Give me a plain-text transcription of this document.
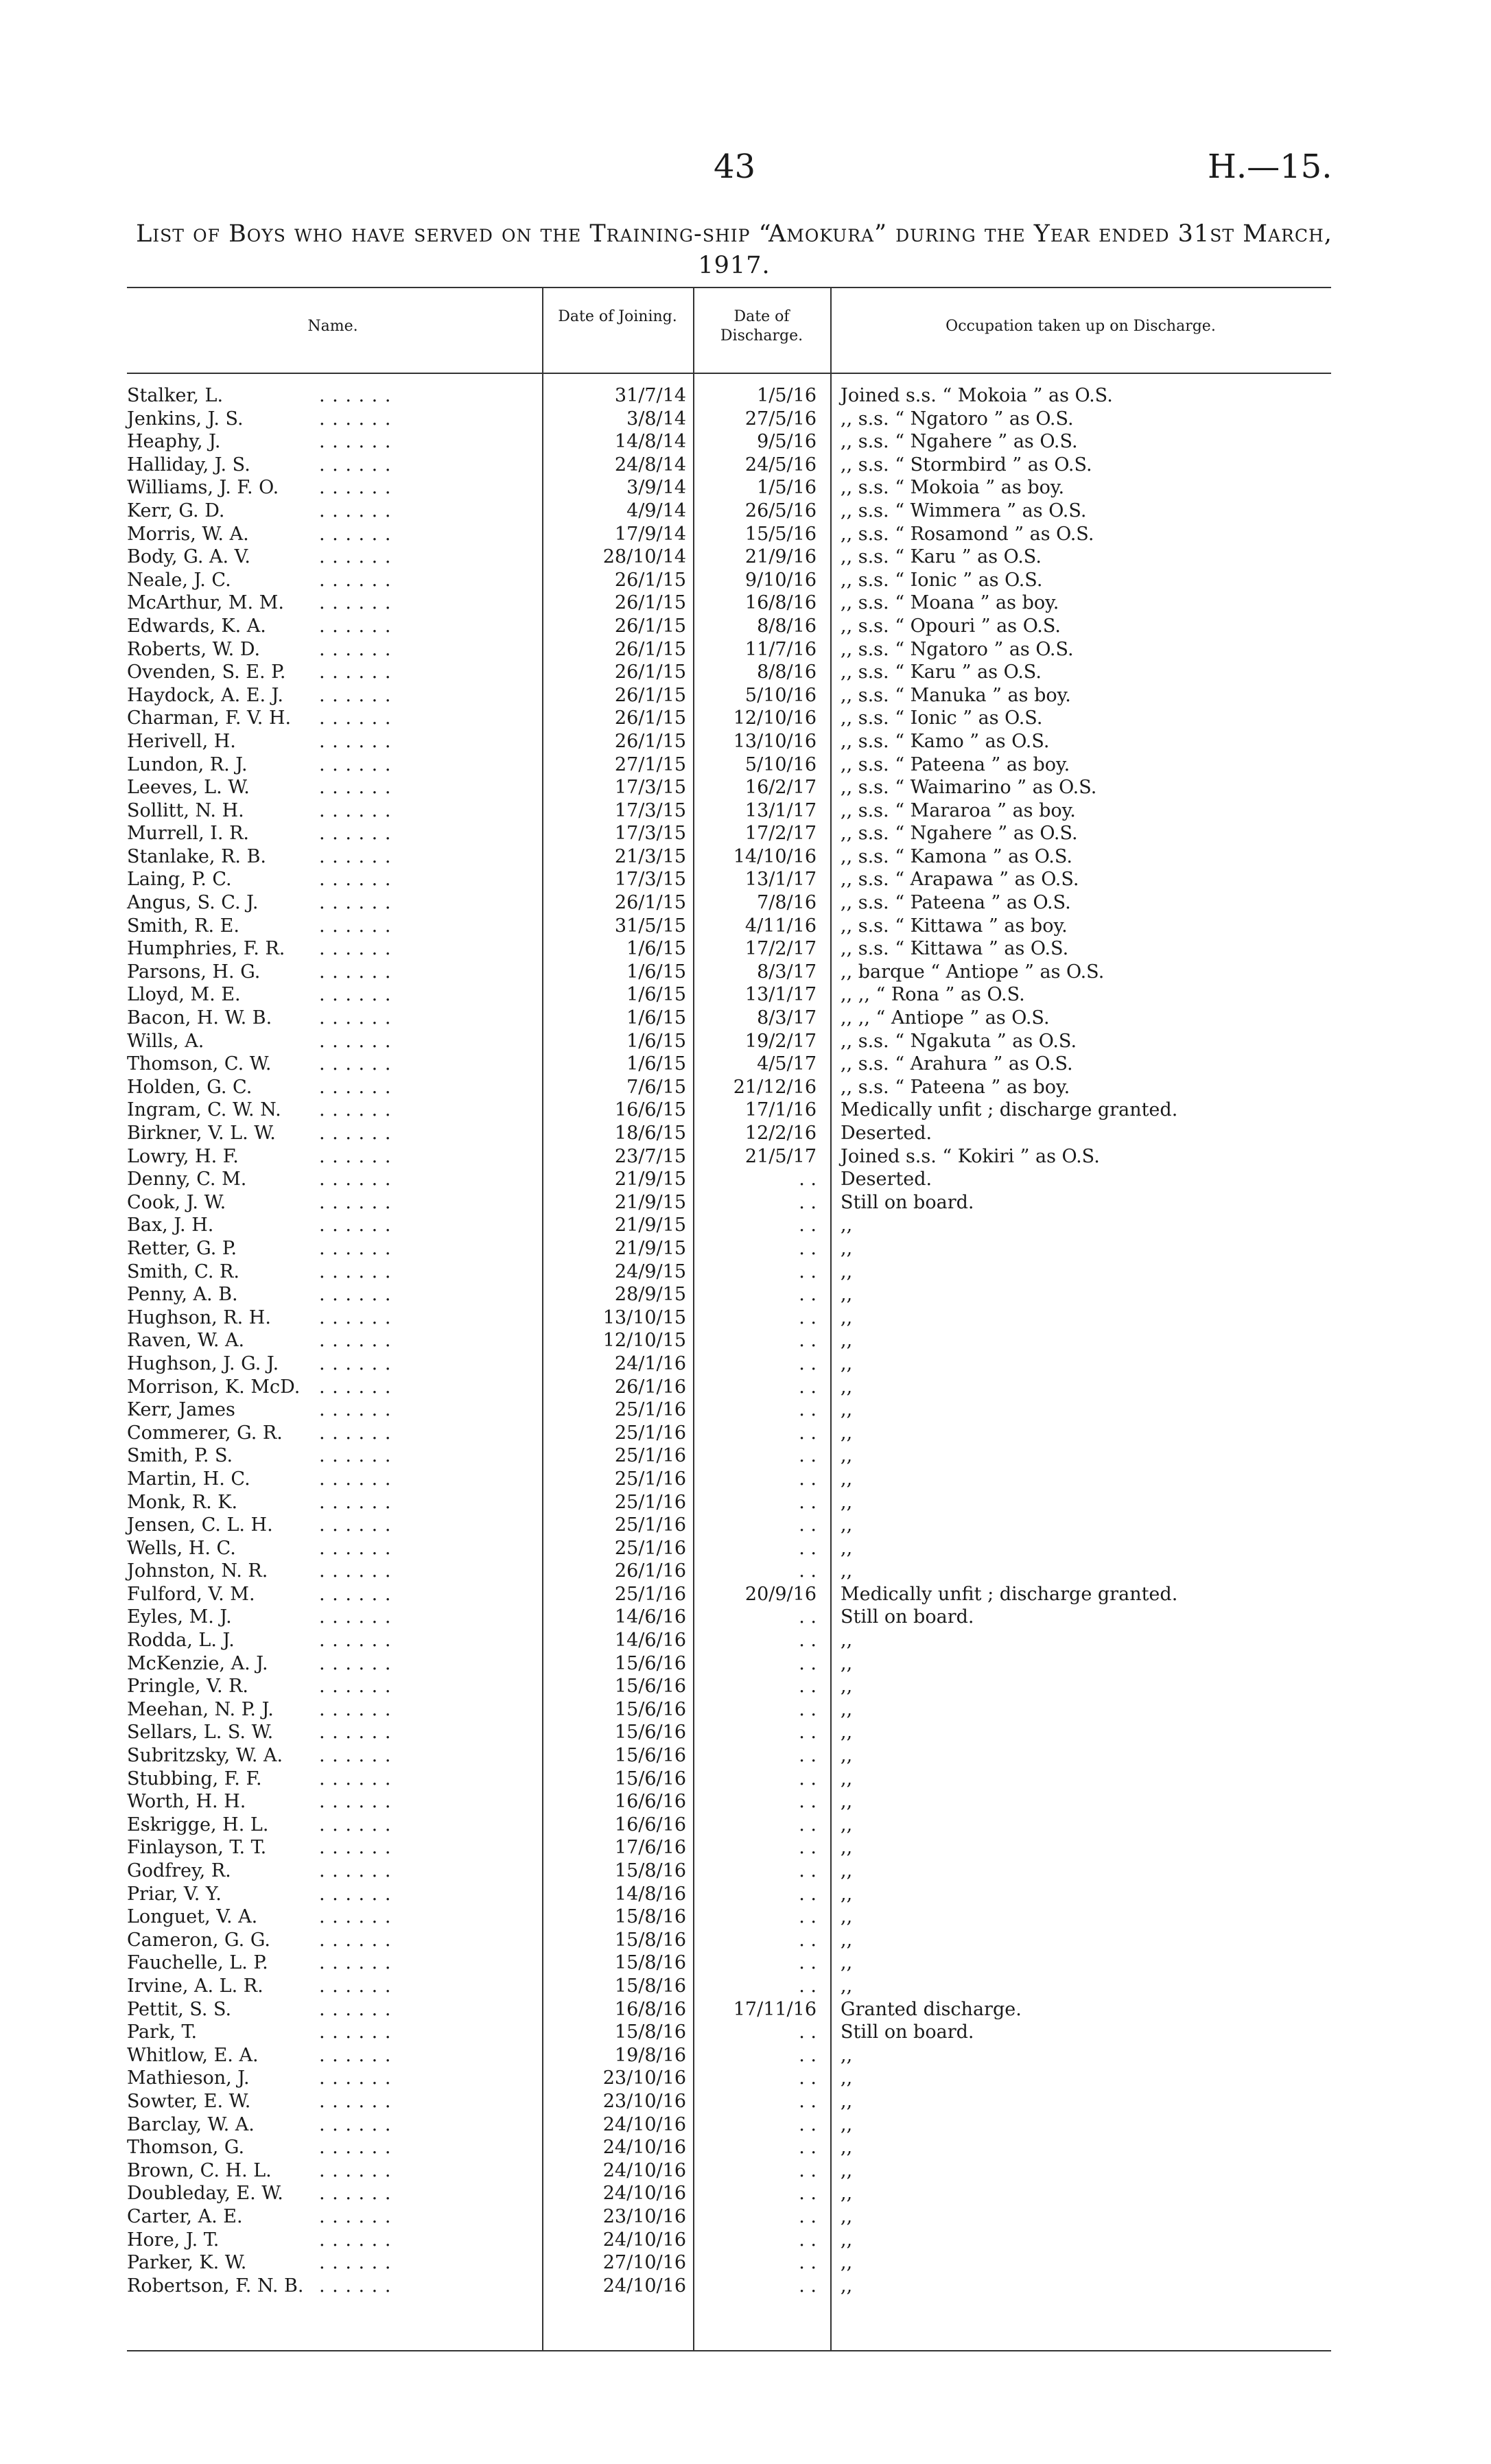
43	H.—15.
List of Boys who have served on the Training-ship “Amokura” during the Year ended 31st March, 1917.
Name.
Date of Joining.	Date of Discharge.
Occupation taken up on Discharge.
Stalker, L.	. . . . . .	31/7/14	1/5/16 Joined s.s. “ Mokoia ” as O.S.
Jenkins, J. S.	. . . . . .	3/8/14	27/5/16 ,, s.s. “ Ngatoro ” as O.S.
Heaphy, J.	. . . . . .	14/8/14	9/5/16 ,, s.s. “ Ngahere ” as O.S.
Halliday, J. S.	. . . . . .	24/8/14	24/5/16 ,, s.s. “ Stormbird ” as O.S.
Williams, J. F. O. . . . . . .	3/9/14	1/5/16 ,, s.s. “ Mokoia ” as boy.
Kerr, G. D.	. . . . . .	4/9/14	26/5/16 ,, s.s. “ Wimmera ” as O.S.
Morris, W. A.	. . . . . .	17/9/14	15/5/16 ,, s.s. “ Rosamond ” as O.S.
Body, G. A. V.	. . . . . .	28/10/14	21/9/16 ,, s.s. “ Karu ” as O.S.
Neale, J. C.	. . . . . .	26/1/15	9/10/16 ,, s.s. “ Ionic ” as O.S.
McArthur, M. M. . . . . . .	26/1/15	16/8/16 ,, s.s. “ Moana ” as boy.
Edwards, K. A.	. . . . . .	26/1/15	8/8/16 ,, s.s. “ Opouri ” as O.S.
Roberts, W. D.	. . . . . .	26/1/15	11/7/16 ,, s.s. “ Ngatoro ” as O.S.
Ovenden, S. E. P. . . . . . .	26/1/15	8/8/16 ,, s.s. “ Karu ” as O.S.
Haydock, A. E. J. . . . . . .	26/1/15	5/10/16 ,, s.s. “ Manuka ” as boy.
Charman, F. V. H. . . . . . .	26/1/15	12/10/16 ,, s.s. “ Ionic ” as O.S.
Herivell, H.	. . . . . .	26/1/15	13/10/16 ,, s.s. “ Kamo ” as O.S.
Lundon, R. J.	. . . . . .	27/1/15	5/10/16 ,, s.s. “ Pateena ” as boy.
Leeves, L. W.	. . . . . .	17/3/15	16/2/17 ,, s.s. “ Waimarino ” as O.S.
Sollitt, N. H.	. . . . . .	17/3/15	13/1/17 ,, s.s. “ Mararoa ” as boy.
Murrell, I. R.	. . . . . .	17/3/15	17/2/17 ,, s.s. “ Ngahere ” as O.S.
Stanlake, R. B.	. . . . . .	21/3/15	14/10/16 ,, s.s. “ Kamona ” as O.S.
Laing, P. C.	. . . . . .	17/3/15	13/1/17 ,, s.s. “ Arapawa ” as O.S.
Angus, S. C. J.	. . . . . .	26/1/15	7/8/16 ,, s.s. “ Pateena ” as O.S.
Smith, R. E.	. . . . . .	31/5/15	4/11/16 ,, s.s. “ Kittawa ” as boy.
Humphries, F. R. . . . . . .	1/6/15	17/2/17 ,, s.s. “ Kittawa ” as O.S.
Parsons, H. G.	. . . . . .	1/6/15	8/3/17 ,, barque “ Antiope ” as O.S.
Lloyd, M. E.	. . . . . .	1/6/15	13/1/17 ,, ,, “ Rona ” as O.S.
Bacon, H. W. B.	. . . . . .	1/6/15	8/3/17 ,, ,, “ Antiope ” as O.S.
Wills, A.	. . . . . .	1/6/15	19/2/17 ,, s.s. “ Ngakuta ” as O.S.
Thomson, C. W.	. . . . . .	1/6/15	4/5/17 ,, s.s. “ Arahura ” as O.S.
Holden, G. C.	. . . . . .	7/6/15	21/12/16 ,, s.s. “ Pateena ” as boy.
Ingram, C. W. N. . . . . . .	16/6/15	17/1/16 Medically unfit ; discharge granted.
Birkner, V. L. W. . . . . . .	18/6/15	12/2/16 Deserted.
Lowry, H. F.	. . . . . .	23/7/15	21/5/17 Joined s.s. “ Kokiri ” as O.S.
Denny, C. M.	. . . . . .	21/9/15	. . Deserted.
Cook, J. W.	. . . . . .	21/9/15	. . Still on board.
Bax, J. H.	. . . . . .	21/9/15	. . ,,
Retter, G. P.	. . . . . .	21/9/15	. . ,,
Smith, C. R.	. . . . . .	24/9/15	. . ,,
Penny, A. B.	. . . . . .	28/9/15	. . ,,
Hughson, R. H.	. . . . . .	13/10/15	. . ,,
Raven, W. A.	. . . . . .	12/10/15	. . ,,
Hughson, J. G. J. . . . . . .	24/1/16	. . ,,
Morrison, K. McD. . . . . . .	26/1/16	. . ,,
Kerr, James	. . . . . .	25/1/16	. . ,,
Commerer, G. R. . . . . . .	25/1/16	. . ,,
Smith, P. S.	. . . . . .	25/1/16	. . ,,
Martin, H. C.	. . . . . .	25/1/16	. . ,,
Monk, R. K.	. . . . . .	25/1/16	. . ,,
Jensen, C. L. H. . . . . . .	25/1/16	. . ,,
Wells, H. C.	. . . . . .	25/1/16	. . ,,
Johnston, N. R.	. . . . . .	26/1/16	. . ,,
Fulford, V. M.	. . . . . .	25/1/16	20/9/16 Medically unfit ; discharge granted.
Eyles, M. J.	. . . . . .	14/6/16	. . Still on board.
Rodda, L. J.	. . . . . .	14/6/16	. . ,,
McKenzie, A. J.	. . . . . .	15/6/16	. . ,,
Pringle, V. R.	. . . . . .	15/6/16	. . ,,
Meehan, N. P. J. . . . . . .	15/6/16	. . ,,
Sellars, L. S. W. . . . . . .	15/6/16	. . ,,
Subritzsky, W. A. . . . . . .	15/6/16	. . ,,
Stubbing, F. F.	. . . . . .	15/6/16	. . ,,
Worth, H. H.	. . . . . .	16/6/16	. . ,,
Eskrigge, H. L.	. . . . . .	16/6/16	. . ,,
Finlayson, T. T.	. . . . . .	17/6/16	. . ,,
Godfrey, R.	. . . . . .	15/8/16	. . ,,
Priar, V. Y.	. . . . . .	14/8/16	. . ,,
Longuet, V. A.	. . . . . .	15/8/16	. . ,,
Cameron, G. G.	. . . . . .	15/8/16	. . ,,
Fauchelle, L. P.	. . . . . .	15/8/16	. . ,,
Irvine, A. L. R.	. . . . . .	15/8/16	. . ,,
Pettit, S. S.	. . . . . .	16/8/16	17/11/16 Granted discharge.
Park, T.	. . . . . .	15/8/16	. . Still on board.
Whitlow, E. A.	. . . . . .	19/8/16	. . ,,
Mathieson, J.	. . . . . .	23/10/16	. . ,,
Sowter, E. W.	. . . . . .	23/10/16	. . ,,
Barclay, W. A.	. . . . . .	24/10/16	. . ,,
Thomson, G.	. . . . . .	24/10/16	. . ,,
Brown, C. H. L.	. . . . . .	24/10/16	. . ,,
Doubleday, E. W. . . . . . .	24/10/16	. . ,,
Carter, A. E.	. . . . . .	23/10/16	. . ,,
Hore, J. T.	. . . . . .	24/10/16	. . ,,
Parker, K. W.	. . . . . .	27/10/16	. . ,,
Robertson, F. N. B. . . . . . .	24/10/16	. . ,,
